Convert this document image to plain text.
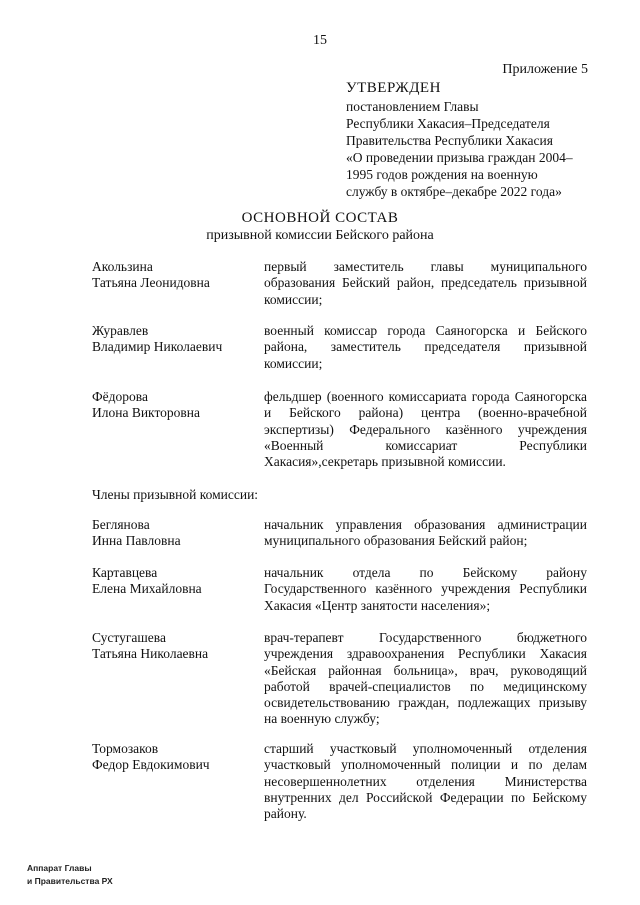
15
Приложение 5
УТВЕРЖДЕН
постановлением Главы
Республики Хакасия–Председателя
Правительства Республики Хакасия
«О проведении призыва граждан 2004–
1995 годов рождения на военную
службу в октябре–декабре 2022 года»
ОСНОВНОЙ СОСТАВ
призывной комиссии Бейского района
Акользина
Татьяна Леонидовна
первый заместитель главы муниципального образования Бейский район, председатель призывной комиссии;
Журавлев
Владимир Николаевич
военный комиссар города Саяногорска и Бейского района, заместитель председателя призывной комиссии;
Фёдорова
Илона Викторовна
фельдшер (военного комиссариата города Саяногорска и Бейского района) центра (военно-врачебной экспертизы) Федерального казённого учреждения «Военный комиссариат Республики Хакасия»,секретарь призывной комиссии.
Члены призывной комиссии:
Беглянова
Инна Павловна
начальник управления образования администрации муниципального образования Бейский район;
Картавцева
Елена Михайловна
начальник отдела по Бейскому району Государственного казённого учреждения Республики Хакасия «Центр занятости населения»;
Сустугашева
Татьяна Николаевна
врач-терапевт Государственного бюджетного учреждения здравоохранения Республики Хакасия «Бейская районная больница», врач, руководящий работой врачей-специалистов по медицинскому освидетельствованию граждан, подлежащих призыву на военную службу;
Тормозаков
Федор Евдокимович
старший участковый уполномоченный отделения участковый уполномоченный полиции и по делам несовершеннолетних отделения Министерства внутренних дел Российской Федерации по Бейскому району.
Аппарат Главы
и Правительства РХ
